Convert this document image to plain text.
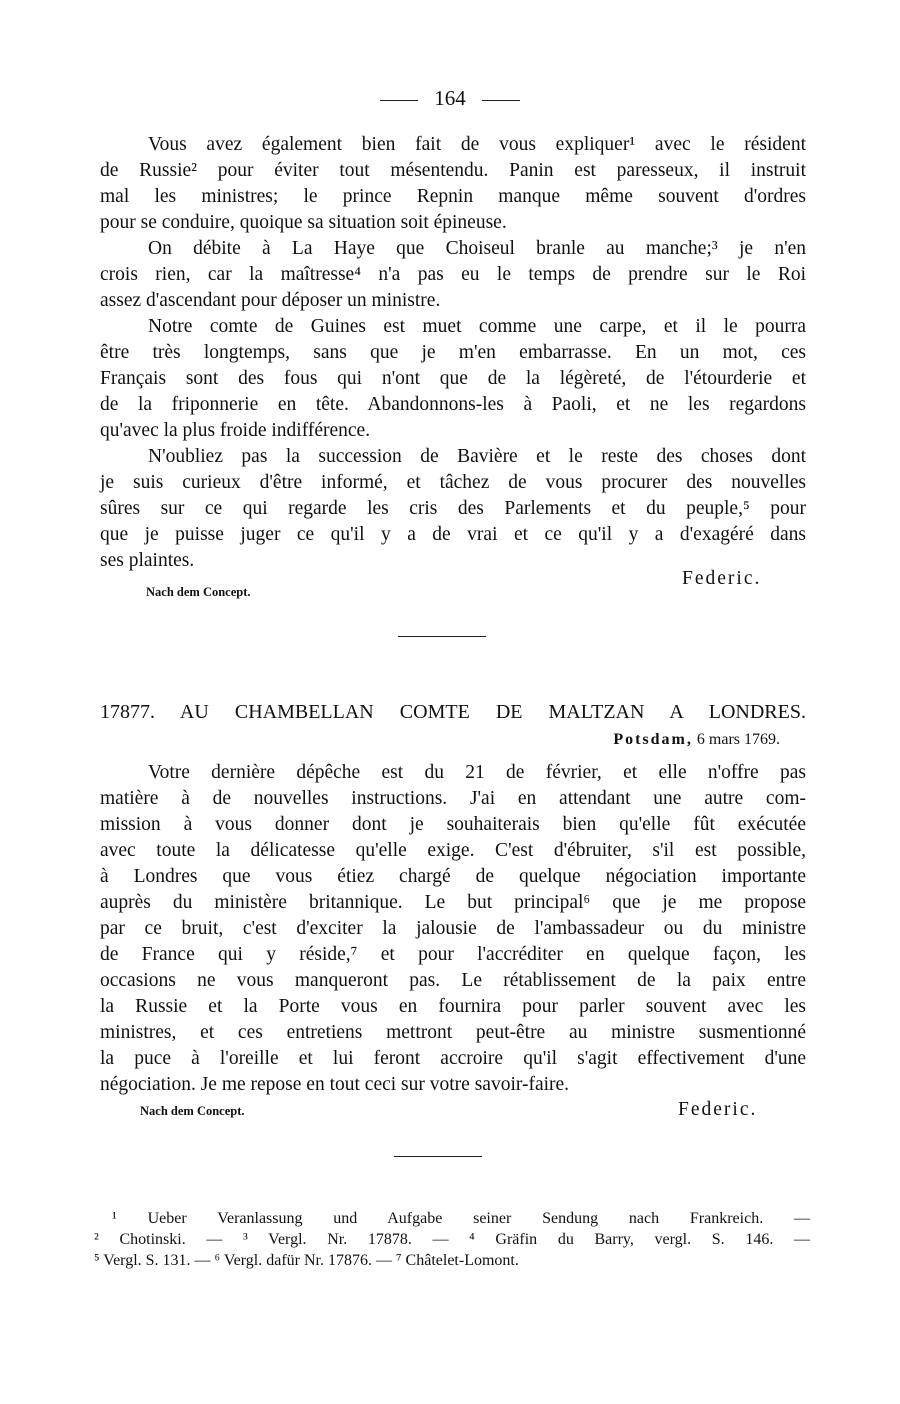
164
Vous avez également bien fait de vous expliquer¹ avec le résident
de Russie² pour éviter tout mésentendu. Panin est paresseux, il instruit
mal les ministres; le prince Repnin manque même souvent d'ordres
pour se conduire, quoique sa situation soit épineuse.
On débite à La Haye que Choiseul branle au manche;³ je n'en
crois rien, car la maîtresse⁴ n'a pas eu le temps de prendre sur le Roi
assez d'ascendant pour déposer un ministre.
Notre comte de Guines est muet comme une carpe, et il le pourra
être très longtemps, sans que je m'en embarrasse. En un mot, ces
Français sont des fous qui n'ont que de la légèreté, de l'étourderie et
de la friponnerie en tête. Abandonnons-les à Paoli, et ne les regardons
qu'avec la plus froide indifférence.
N'oubliez pas la succession de Bavière et le reste des choses dont
je suis curieux d'être informé, et tâchez de vous procurer des nouvelles
sûres sur ce qui regarde les cris des Parlements et du peuple,⁵ pour
que je puisse juger ce qu'il y a de vrai et ce qu'il y a d'exagéré dans
ses plaintes.
Federic.
Nach dem Concept.
17877. AU CHAMBELLAN COMTE DE MALTZAN A LONDRES.
Potsdam, 6 mars 1769.
Votre dernière dépêche est du 21 de février, et elle n'offre pas
matière à de nouvelles instructions. J'ai en attendant une autre com-
mission à vous donner dont je souhaiterais bien qu'elle fût exécutée
avec toute la délicatesse qu'elle exige. C'est d'ébruiter, s'il est possible,
à Londres que vous étiez chargé de quelque négociation importante
auprès du ministère britannique. Le but principal⁶ que je me propose
par ce bruit, c'est d'exciter la jalousie de l'ambassadeur ou du ministre
de France qui y réside,⁷ et pour l'accréditer en quelque façon, les
occasions ne vous manqueront pas. Le rétablissement de la paix entre
la Russie et la Porte vous en fournira pour parler souvent avec les
ministres, et ces entretiens mettront peut-être au ministre susmentionné
la puce à l'oreille et lui feront accroire qu'il s'agit effectivement d'une
négociation. Je me repose en tout ceci sur votre savoir-faire.
Nach dem Concept.	Federic.
¹ Ueber Veranlassung und Aufgabe seiner Sendung nach Frankreich. —
² Chotinski. — ³ Vergl. Nr. 17878. — ⁴ Gräfin du Barry, vergl. S. 146. —
⁵ Vergl. S. 131. — ⁶ Vergl. dafür Nr. 17876. — ⁷ Châtelet-Lomont.
